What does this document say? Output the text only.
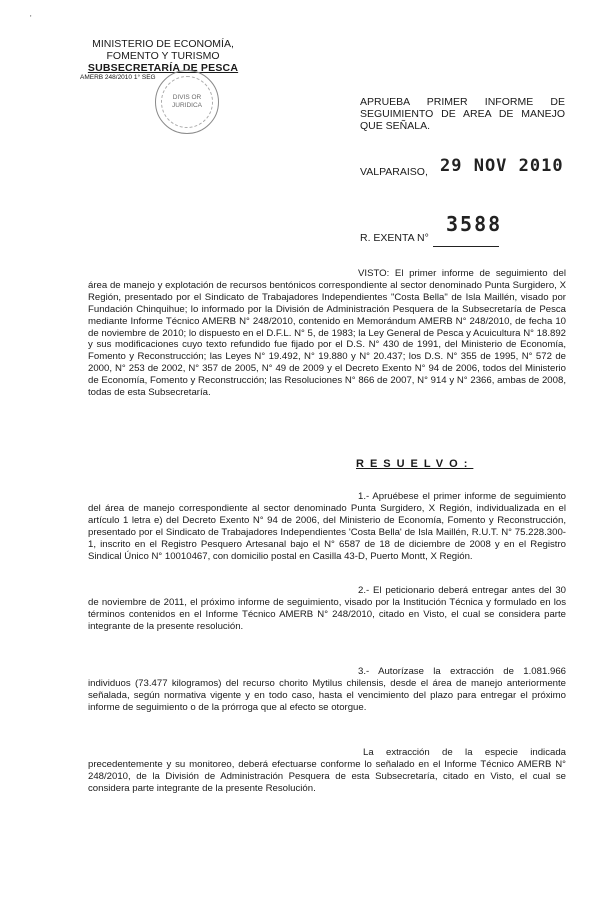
'
MINISTERIO DE ECONOMÍA,
FOMENTO Y TURISMO
SUBSECRETARÍA DE PESCA
AMERB 248/2010 1° SEG
DIVIS OR
JURIDICA	APRUEBA PRIMER INFORME DE SEGUIMIENTO DE AREA DE MANEJO QUE SEÑALA.
VALPARAISO, 29 NOV 2010
R. EXENTA N°
3588
VISTO: El primer informe de seguimiento del área de manejo y explotación de recursos bentónicos correspondiente al sector denominado Punta Surgidero, X Región, presentado por el Sindicato de Trabajadores Independientes "Costa Bella" de Isla Maillén, visado por Fundación Chinquihue; lo informado por la División de Administración Pesquera de la Subsecretaría de Pesca mediante Informe Técnico AMERB N° 248/2010, contenido en Memorándum AMERB N° 248/2010, de fecha 10 de noviembre de 2010; lo dispuesto en el D.F.L. N° 5, de 1983; la Ley General de Pesca y Acuicultura N° 18.892 y sus modificaciones cuyo texto refundido fue fijado por el D.S. N° 430 de 1991, del Ministerio de Economía, Fomento y Reconstrucción; las Leyes N° 19.492, N° 19.880 y N° 20.437; los D.S. N° 355 de 1995, N° 572 de 2000, N° 253 de 2002, N° 357 de 2005, N° 49 de 2009 y el Decreto Exento N° 94 de 2006, todos del Ministerio de Economía, Fomento y Reconstrucción; las Resoluciones N° 866 de 2007, N° 914 y N° 2366, ambas de 2008, todas de esta Subsecretaría.
RESUELVO:
1.- Apruébese el primer informe de seguimiento del área de manejo correspondiente al sector denominado Punta Surgidero, X Región, individualizada en el artículo 1 letra e) del Decreto Exento N° 94 de 2006, del Ministerio de Economía, Fomento y Reconstrucción, presentado por el Sindicato de Trabajadores Independientes 'Costa Bella' de Isla Maillén, R.U.T. N° 75.228.300-1, inscrito en el Registro Pesquero Artesanal bajo el N° 6587 de 18 de diciembre de 2008 y en el Registro Sindical Único N° 10010467, con domicilio postal en Casilla 43-D, Puerto Montt, X Región.
2.- El peticionario deberá entregar antes del 30 de noviembre de 2011, el próximo informe de seguimiento, visado por la Institución Técnica y formulado en los términos contenidos en el Informe Técnico AMERB N° 248/2010, citado en Visto, el cual se considera parte integrante de la presente resolución.
3.- Autorízase la extracción de 1.081.966 individuos (73.477 kilogramos) del recurso chorito Mytilus chilensis, desde el área de manejo anteriormente señalada, según normativa vigente y en todo caso, hasta el vencimiento del plazo para entregar el próximo informe de seguimiento o de la prórroga que al efecto se otorgue.
La extracción de la especie indicada precedentemente y su monitoreo, deberá efectuarse conforme lo señalado en el Informe Técnico AMERB N° 248/2010, de la División de Administración Pesquera de esta Subsecretaría, citado en Visto, el cual se considera parte integrante de la presente Resolución.
